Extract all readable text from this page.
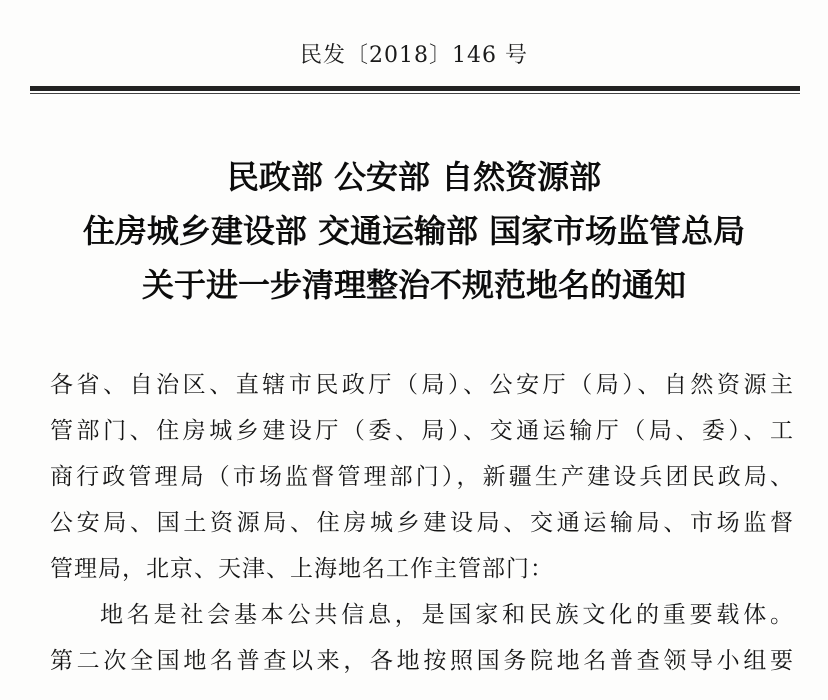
民发〔2018〕146 号
民政部 公安部 自然资源部
住房城乡建设部 交通运输部 国家市场监管总局
关于进一步清理整治不规范地名的通知
各省、自治区、直辖市民政厅（局）、公安厅（局）、自然资源主
管部门、住房城乡建设厅（委、局）、交通运输厅（局、委）、工
商行政管理局（市场监督管理部门），新疆生产建设兵团民政局、
公安局、国土资源局、住房城乡建设局、交通运输局、市场监督
管理局，北京、天津、上海地名工作主管部门：
地名是社会基本公共信息，是国家和民族文化的重要载体。
第二次全国地名普查以来，各地按照国务院地名普查领导小组要
